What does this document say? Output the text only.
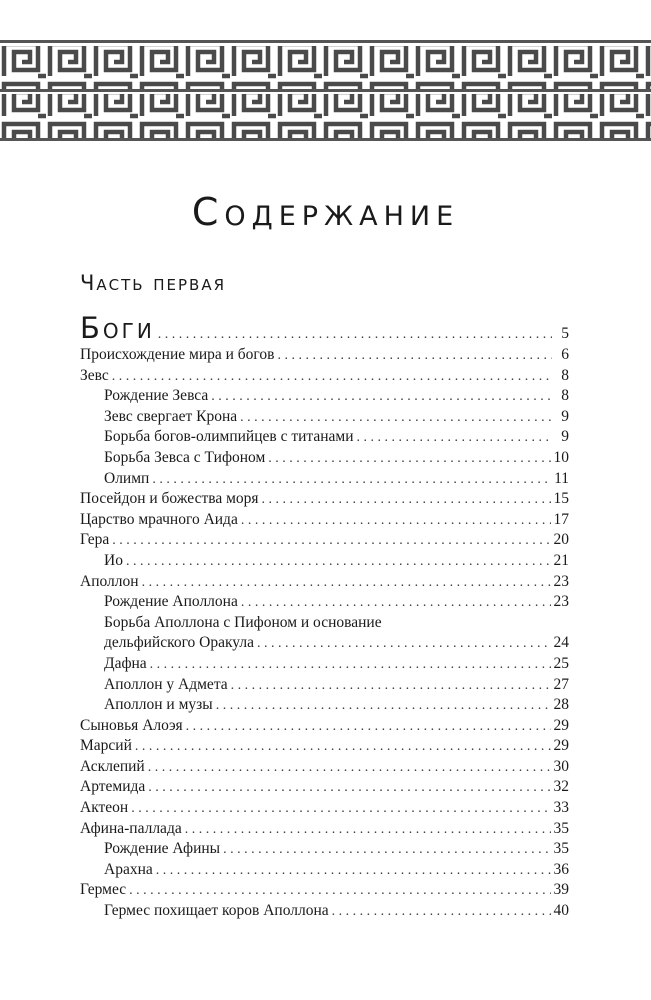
Содержание
Часть первая
Боги . . .	5
Происхождение мира и богов . . .	6
Зевс . . .	8
Рождение Зевса . . .	8
Зевс свергает Крона . . .	9
Борьба богов-олимпийцев с титанами . . .	9
Борьба Зевса с Тифоном . . .	10
Олимп . . .	11
Посейдон и божества моря . . .	15
Царство мрачного Аида . . .	17
Гера . . .	20
Ио . . .	21
Аполлон . . .	23
Рождение Аполлона . . .	23
Борьба Аполлона с Пифоном и основание
дельфийского Оракула . . .	24
Дафна . . .	25
Аполлон у Адмета . . .	27
Аполлон и музы . . .	28
Сыновья Алоэя . . .	29
Марсий . . .	29
Асклепий . . .	30
Артемида . . .	32
Актеон . . .	33
Афина-паллада . . .	35
Рождение Афины . . .	35
Арахна . . .	36
Гермес . . .	39
Гермес похищает коров Аполлона . . .	40
